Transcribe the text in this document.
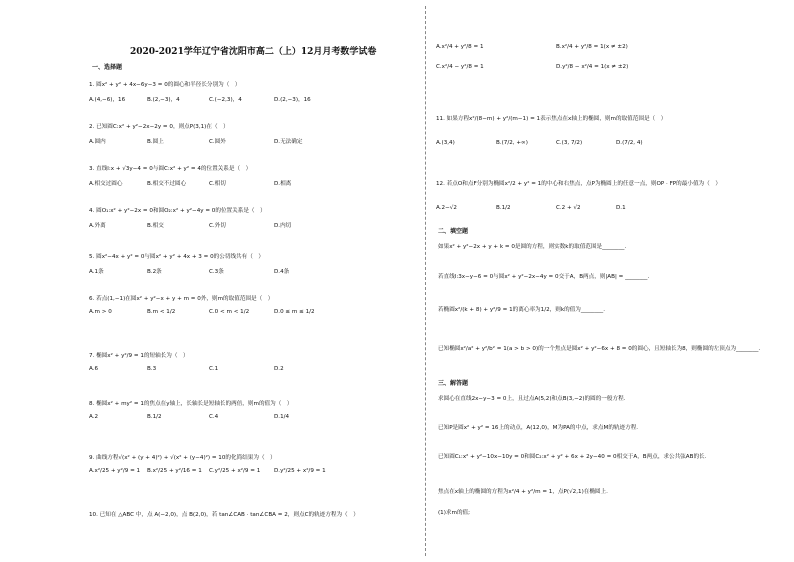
2020-2021学年辽宁省沈阳市高二（上）12月月考数学试卷
一、选择题
二、填空题
三、解答题
1. 圆x² + y² + 4x−6y−3 = 0的圆心和半径长分别为（　）
A.(4,−6)，16	B.(2,−3)，4	C.(−2,3)，4	D.(2,−3)，16
2. 已知圆C:x² + y²−2x−2y = 0，则点P(3,1)在（　）
A.圆内	B.圆上	C.圆外	D.无法确定
3. 直线l:x + √3y−4 = 0与圆C:x² + y² = 4的位置关系是（　）
A.相交过圆心	B.相交不过圆心	C.相切	D.相离
4. 圆O₁:x² + y²−2x = 0和圆O₂:x² + y²−4y = 0的位置关系是（　）
A.外离	B.相交	C.外切	D.内切
5. 圆x²−4x + y² = 0与圆x² + y² + 4x + 3 = 0的公切线共有（　）
A.1条	B.2条	C.3条	D.4条
6. 若点(1,−1)在圆x² + y²−x + y + m = 0外，则m的取值范围是（　）
A.m > 0	B.m < 1/2	C.0 < m < 1/2	D.0 ≤ m ≤ 1/2
7. 椭圆x² + y²/9 = 1的短轴长为（　）
A.6	B.3	C.1	D.2
8. 椭圆x² + my² = 1的焦点在y轴上，长轴长是短轴长的两倍，则m的值为（　）
A.2	B.1/2	C.4	D.1/4
9. 曲线方程√(x² + (y + 4)²) + √(x² + (y−4)²) = 10的化简结果为（　）
A.x²/25 + y²/9 = 1 B.x²/25 + y²/16 = 1 C.y²/25 + x²/9 = 1 D.y²/25 + x²/9 = 1
10. 已知在 △ABC 中，点 A(−2,0)，点 B(2,0)，若 tan∠CAB · tan∠CBA = 2，则点C的轨迹方程为（　）
A.x²/4 + y²/8 = 1	B.x²/4 + y²/8 = 1(x ≠ ±2)
C.x²/4 − y²/8 = 1	D.y²/8 − x²/4 = 1(x ≠ ±2)
11. 如果方程x²/(8−m) + y²/(m−1) = 1表示焦点在x轴上的椭圆，则m的取值范围是（　）
A.(3,4)	B.(7/2, +∞)	C.(3, 7/2)	D.(7/2, 4)
12. 若点O和点F分别为椭圆x²/2 + y² = 1的中心和右焦点，点P为椭圆上的任意一点，则OP · FP的最小值为（　）
A.2−√2	B.1/2	C.2 + √2	D.1
如果x² + y²−2x + y + k = 0是圆的方程，则实数k的取值范围是________.
若直线l:3x−y−6 = 0与圆x² + y²−2x−4y = 0交于A，B两点，则|AB| = ________.
若椭圆x²/(k + 8) + y²/9 = 1的离心率为1/2，则k的值为________.
已知椭圆x²/a² + y²/b² = 1(a > b > 0)的一个焦点是圆x² + y²−6x + 8 = 0的圆心，且短轴长为8，则椭圆的左顶点为________.
求圆心在直线2x−y−3 = 0上，且过点A(5,2)和点B(3,−2)的圆的一般方程.
已知P是圆x² + y² = 16上的动点，A(12,0)，M为PA的中点，求点M的轨迹方程.
已知圆C₁:x² + y²−10x−10y = 0和圆C₂:x² + y² + 6x + 2y−40 = 0相交于A，B两点，求公共弦AB的长.
焦点在x轴上的椭圆的方程为x²/4 + y²/m = 1，点P(√2,1)在椭圆上.
(1)求m的值;
